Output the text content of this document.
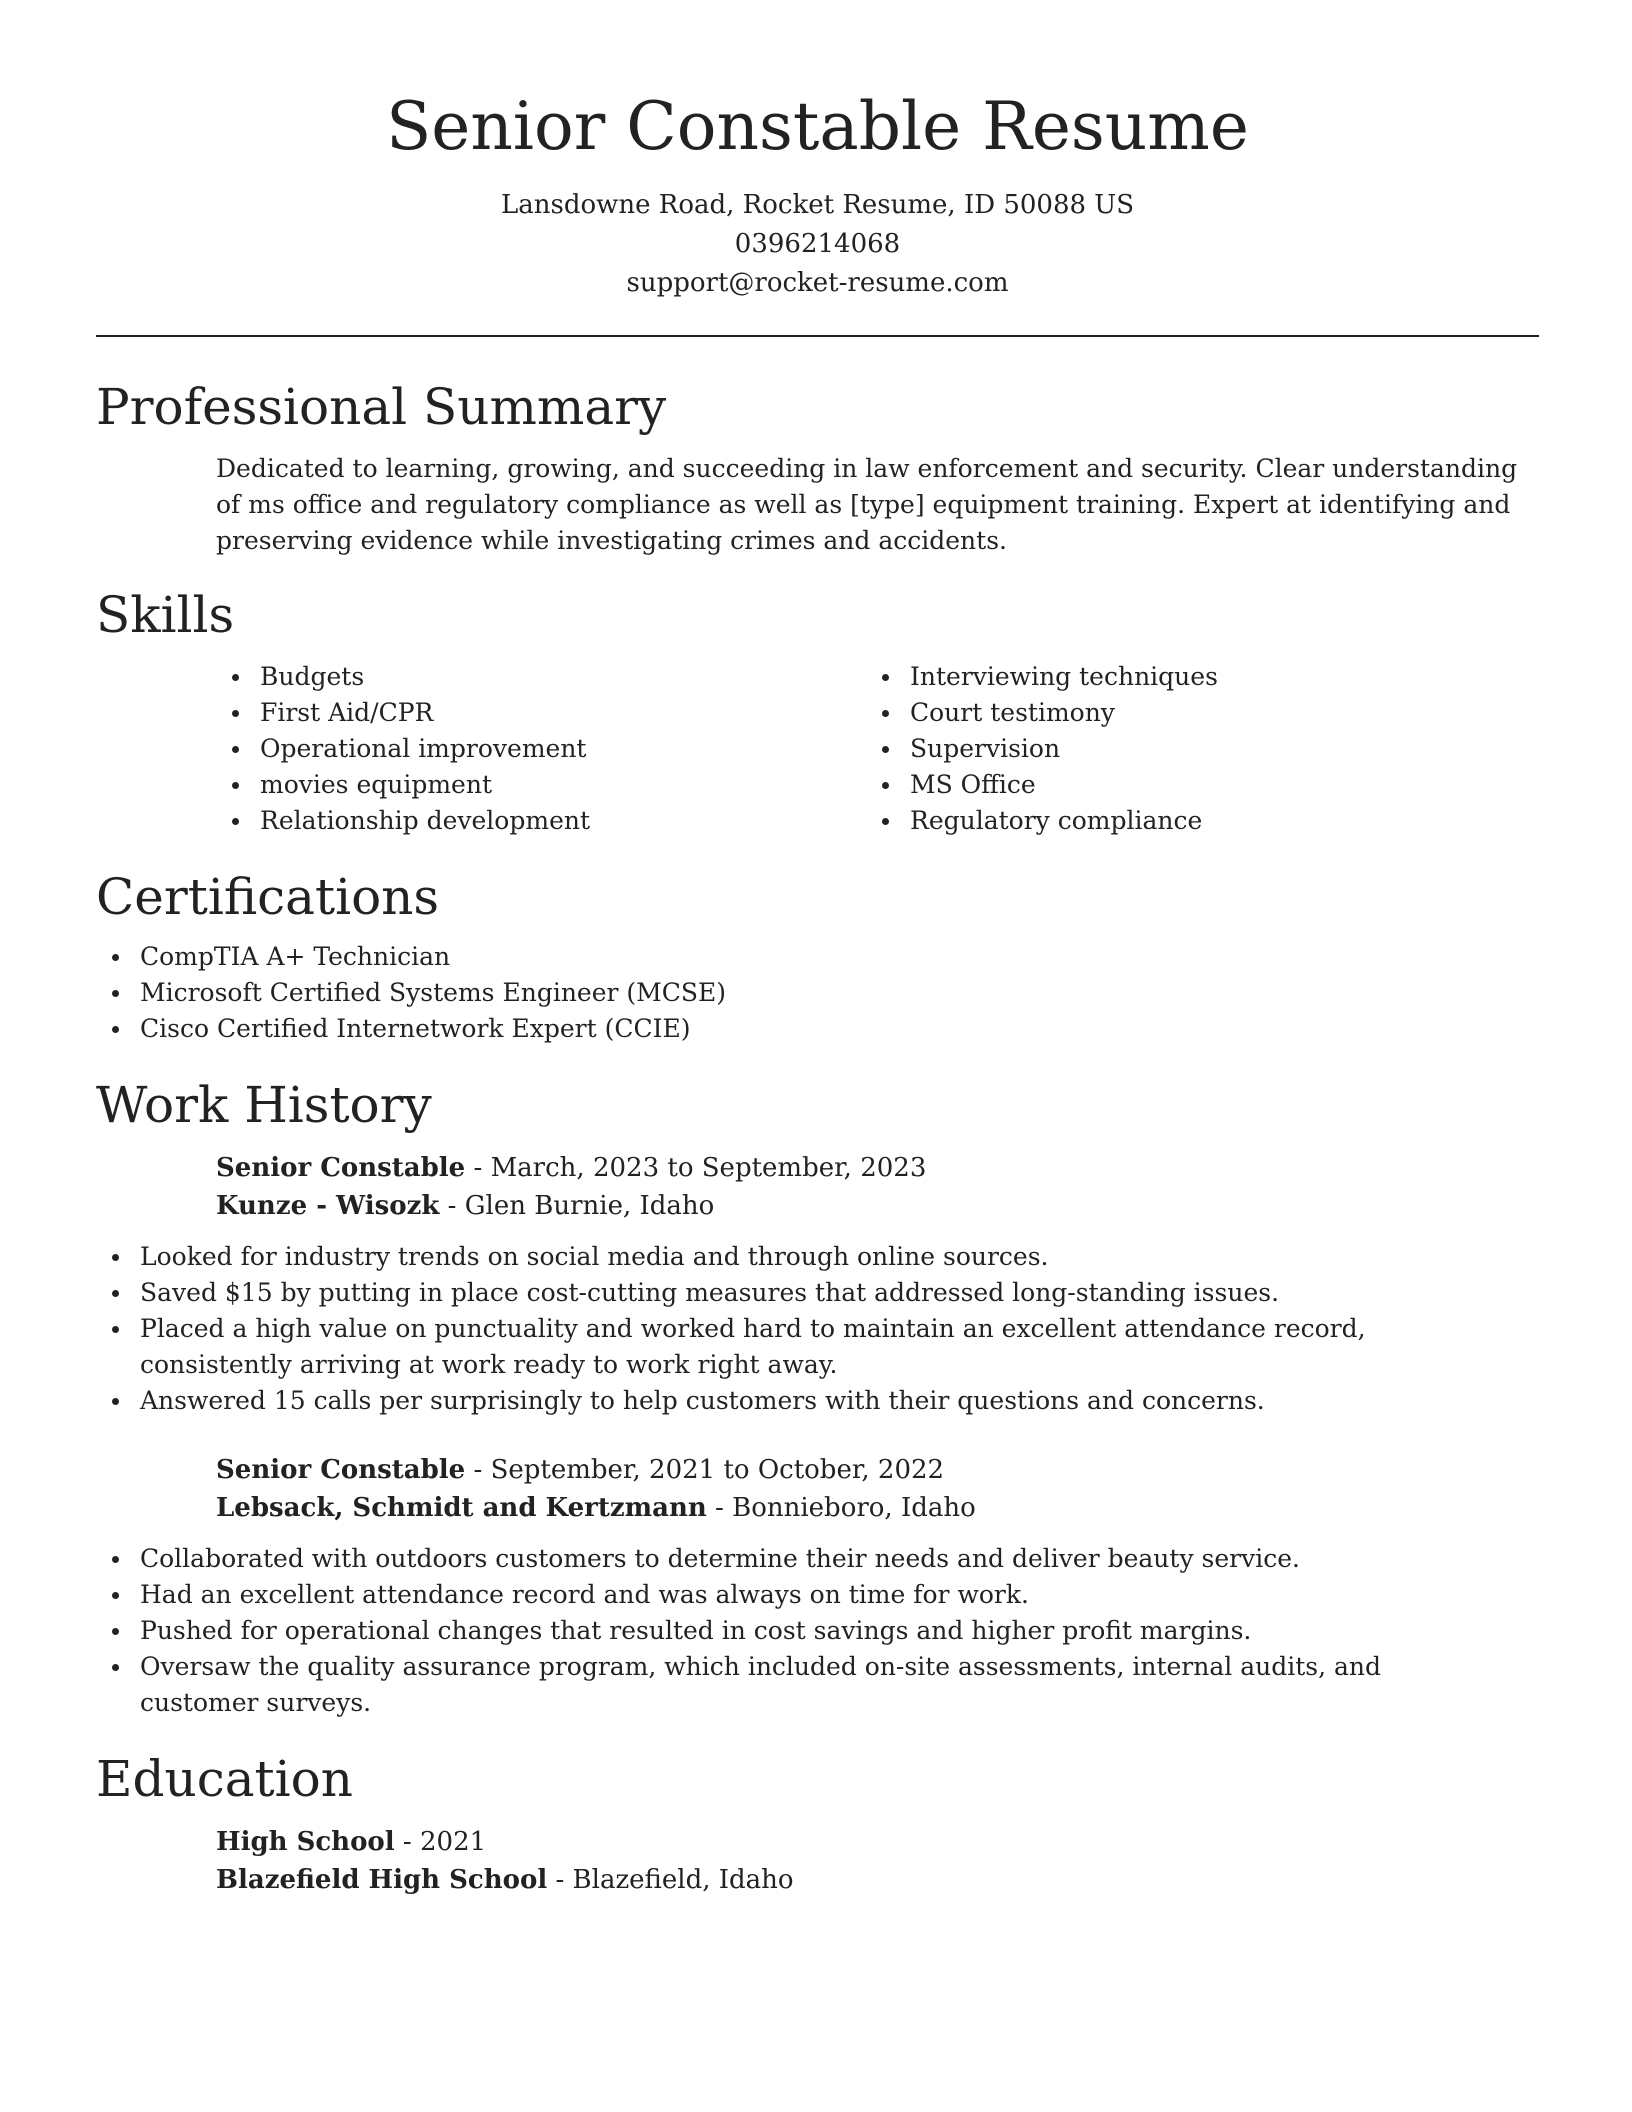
Senior Constable Resume
Lansdowne Road, Rocket Resume, ID 50088 US
0396214068
support@rocket-resume.com
Professional Summary
Dedicated to learning, growing, and succeeding in law enforcement and security. Clear understanding of ms office and regulatory compliance as well as [type] equipment training. Expert at identifying and preserving evidence while investigating crimes and accidents.
Skills
Budgets
First Aid/CPR
Operational improvement
movies equipment
Relationship development
Interviewing techniques
Court testimony
Supervision
MS Office
Regulatory compliance
Certifications
CompTIA A+ Technician
Microsoft Certified Systems Engineer (MCSE)
Cisco Certified Internetwork Expert (CCIE)
Work History
Senior Constable - March, 2023 to September, 2023
Kunze - Wisozk - Glen Burnie, Idaho
Looked for industry trends on social media and through online sources.
Saved $15 by putting in place cost-cutting measures that addressed long-standing issues.
Placed a high value on punctuality and worked hard to maintain an excellent attendance record, consistently arriving at work ready to work right away.
Answered 15 calls per surprisingly to help customers with their questions and concerns.
Senior Constable - September, 2021 to October, 2022
Lebsack, Schmidt and Kertzmann - Bonnieboro, Idaho
Collaborated with outdoors customers to determine their needs and deliver beauty service.
Had an excellent attendance record and was always on time for work.
Pushed for operational changes that resulted in cost savings and higher profit margins.
Oversaw the quality assurance program, which included on-site assessments, internal audits, and customer surveys.
Education
High School - 2021
Blazefield High School - Blazefield, Idaho
